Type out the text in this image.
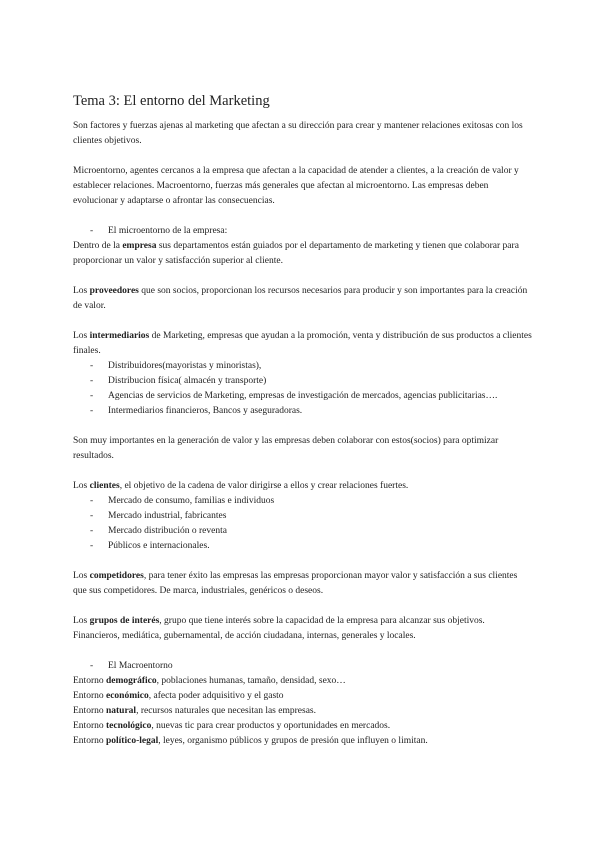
Tema 3: El entorno del Marketing

Son factores y fuerzas ajenas al marketing que afectan a su dirección para crear y mantener relaciones exitosas con los clientes objetivos.

Microentorno, agentes cercanos a la empresa que afectan a la capacidad de atender a clientes, a la creación de valor y establecer relaciones. Macroentorno, fuerzas más generales que afectan al microentorno. Las empresas deben evolucionar y adaptarse o afrontar las consecuencias.

- El microentorno de la empresa:

Dentro de la empresa sus departamentos están guiados por el departamento de marketing y tienen que colaborar para proporcionar un valor y satisfacción superior al cliente.

Los proveedores que son socios, proporcionan los recursos necesarios para producir y son importantes para la creación de valor.

Los intermediarios de Marketing, empresas que ayudan a la promoción, venta y distribución de sus productos a clientes finales.

- Distribuidores(mayoristas y minoristas),
- Distribucion física( almacén y transporte)
- Agencias de servicios de Marketing, empresas de investigación de mercados, agencias publicitarias….
- Intermediarios financieros, Bancos y aseguradoras.

Son muy importantes en la generación de valor y las empresas deben colaborar con estos(socios) para optimizar resultados.

Los clientes, el objetivo de la cadena de valor dirigirse a ellos y crear relaciones fuertes.

- Mercado de consumo, familias e individuos
- Mercado industrial, fabricantes
- Mercado distribución o reventa
- Públicos e internacionales.

Los competidores, para tener éxito las empresas las empresas proporcionan mayor valor y satisfacción a sus clientes que sus competidores. De marca, industriales, genéricos o deseos.

Los grupos de interés, grupo que tiene interés sobre la capacidad de la empresa para alcanzar sus objetivos. Financieros, mediática, gubernamental, de acción ciudadana, internas, generales y locales.

- El Macroentorno

Entorno demográfico, poblaciones humanas, tamaño, densidad, sexo…

Entorno económico, afecta poder adquisitivo y el gasto

Entorno natural, recursos naturales que necesitan las empresas.

Entorno tecnológico, nuevas tic para crear productos y oportunidades en mercados.

Entorno político-legal, leyes, organismo públicos y grupos de presión que influyen o limitan.
